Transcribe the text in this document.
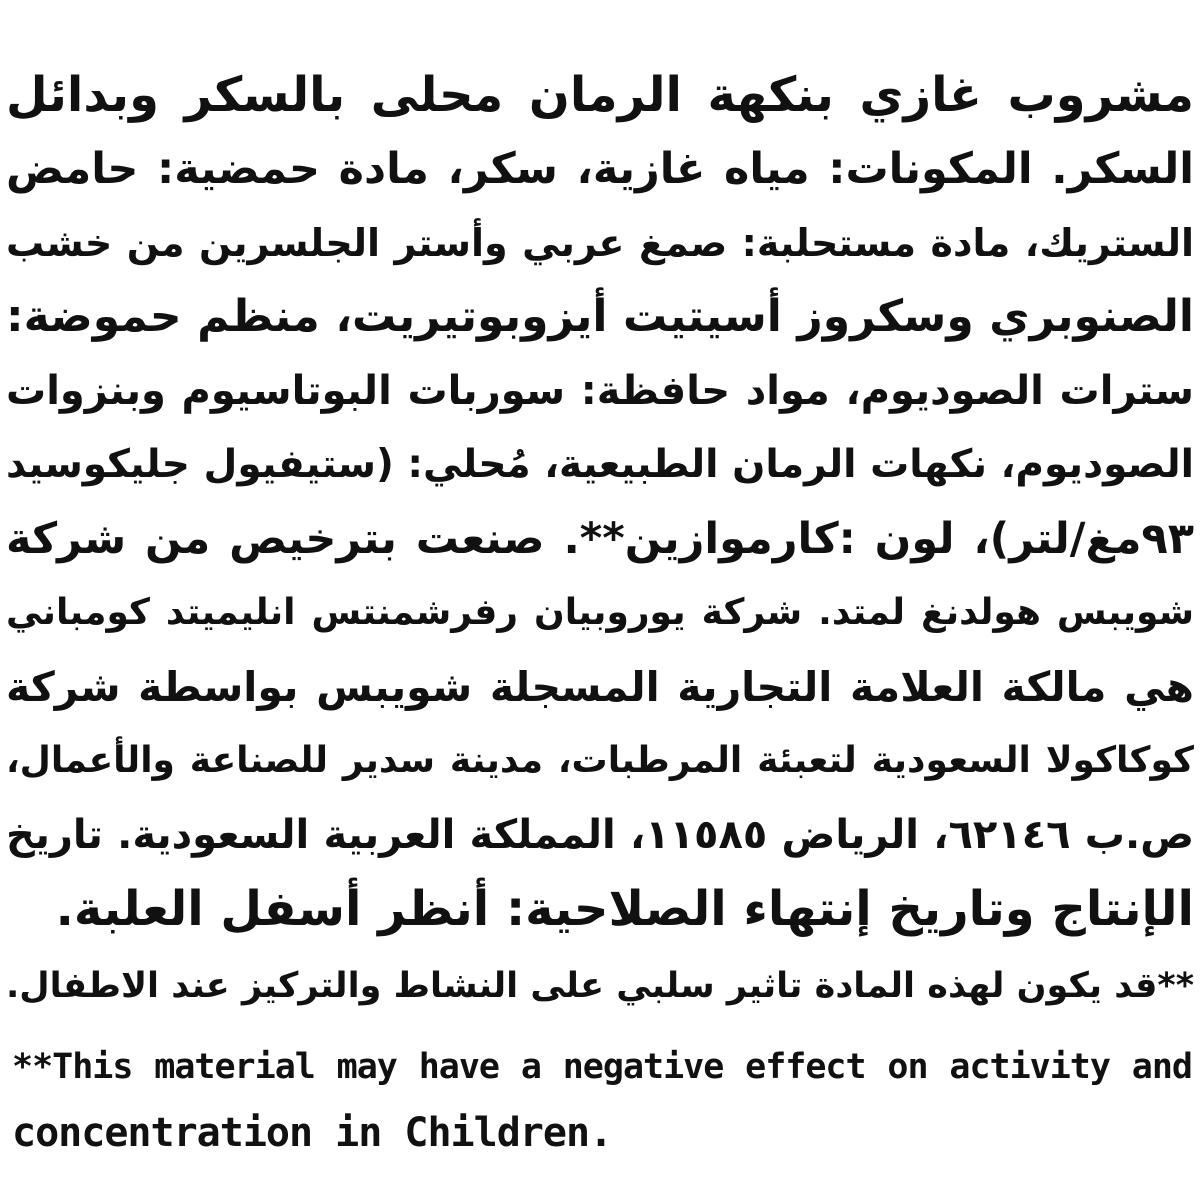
مشروب غازي بنكهة الرمان محلى بالسكر وبدائل
السكر. المكونات: مياه غازية، سكر، مادة حمضية: حامض
الستريك، مادة مستحلبة: صمغ عربي وأستر الجلسرين من خشب
الصنوبري وسكروز أسيتيت أيزوبوتيريت، منظم حموضة:
سترات الصوديوم، مواد حافظة: سوربات البوتاسيوم وبنزوات
الصوديوم، نكهات الرمان الطبيعية، مُحلي: (ستيفيول جليكوسيد
٩٣مغ/لتر)، لون :كارموازين**. صنعت بترخيص من شركة
شويبس هولدنغ لمتد. شركة يوروبيان رفرشمنتس انليميتد كومباني
هي مالكة العلامة التجارية المسجلة شويبس بواسطة شركة
كوكاكولا السعودية لتعبئة المرطبات، مدينة سدير للصناعة والأعمال،
ص.ب ٦٢١٤٦، الرياض ١١٥٨٥، المملكة العربية السعودية. تاريخ
الإنتاج وتاريخ إنتهاء الصلاحية: أنظر أسفل العلبة.
**قد يكون لهذه المادة تاثير سلبي على النشاط والتركيز عند الاطفال.
**This material may have a negative effect on activity and
concentration in Children.
